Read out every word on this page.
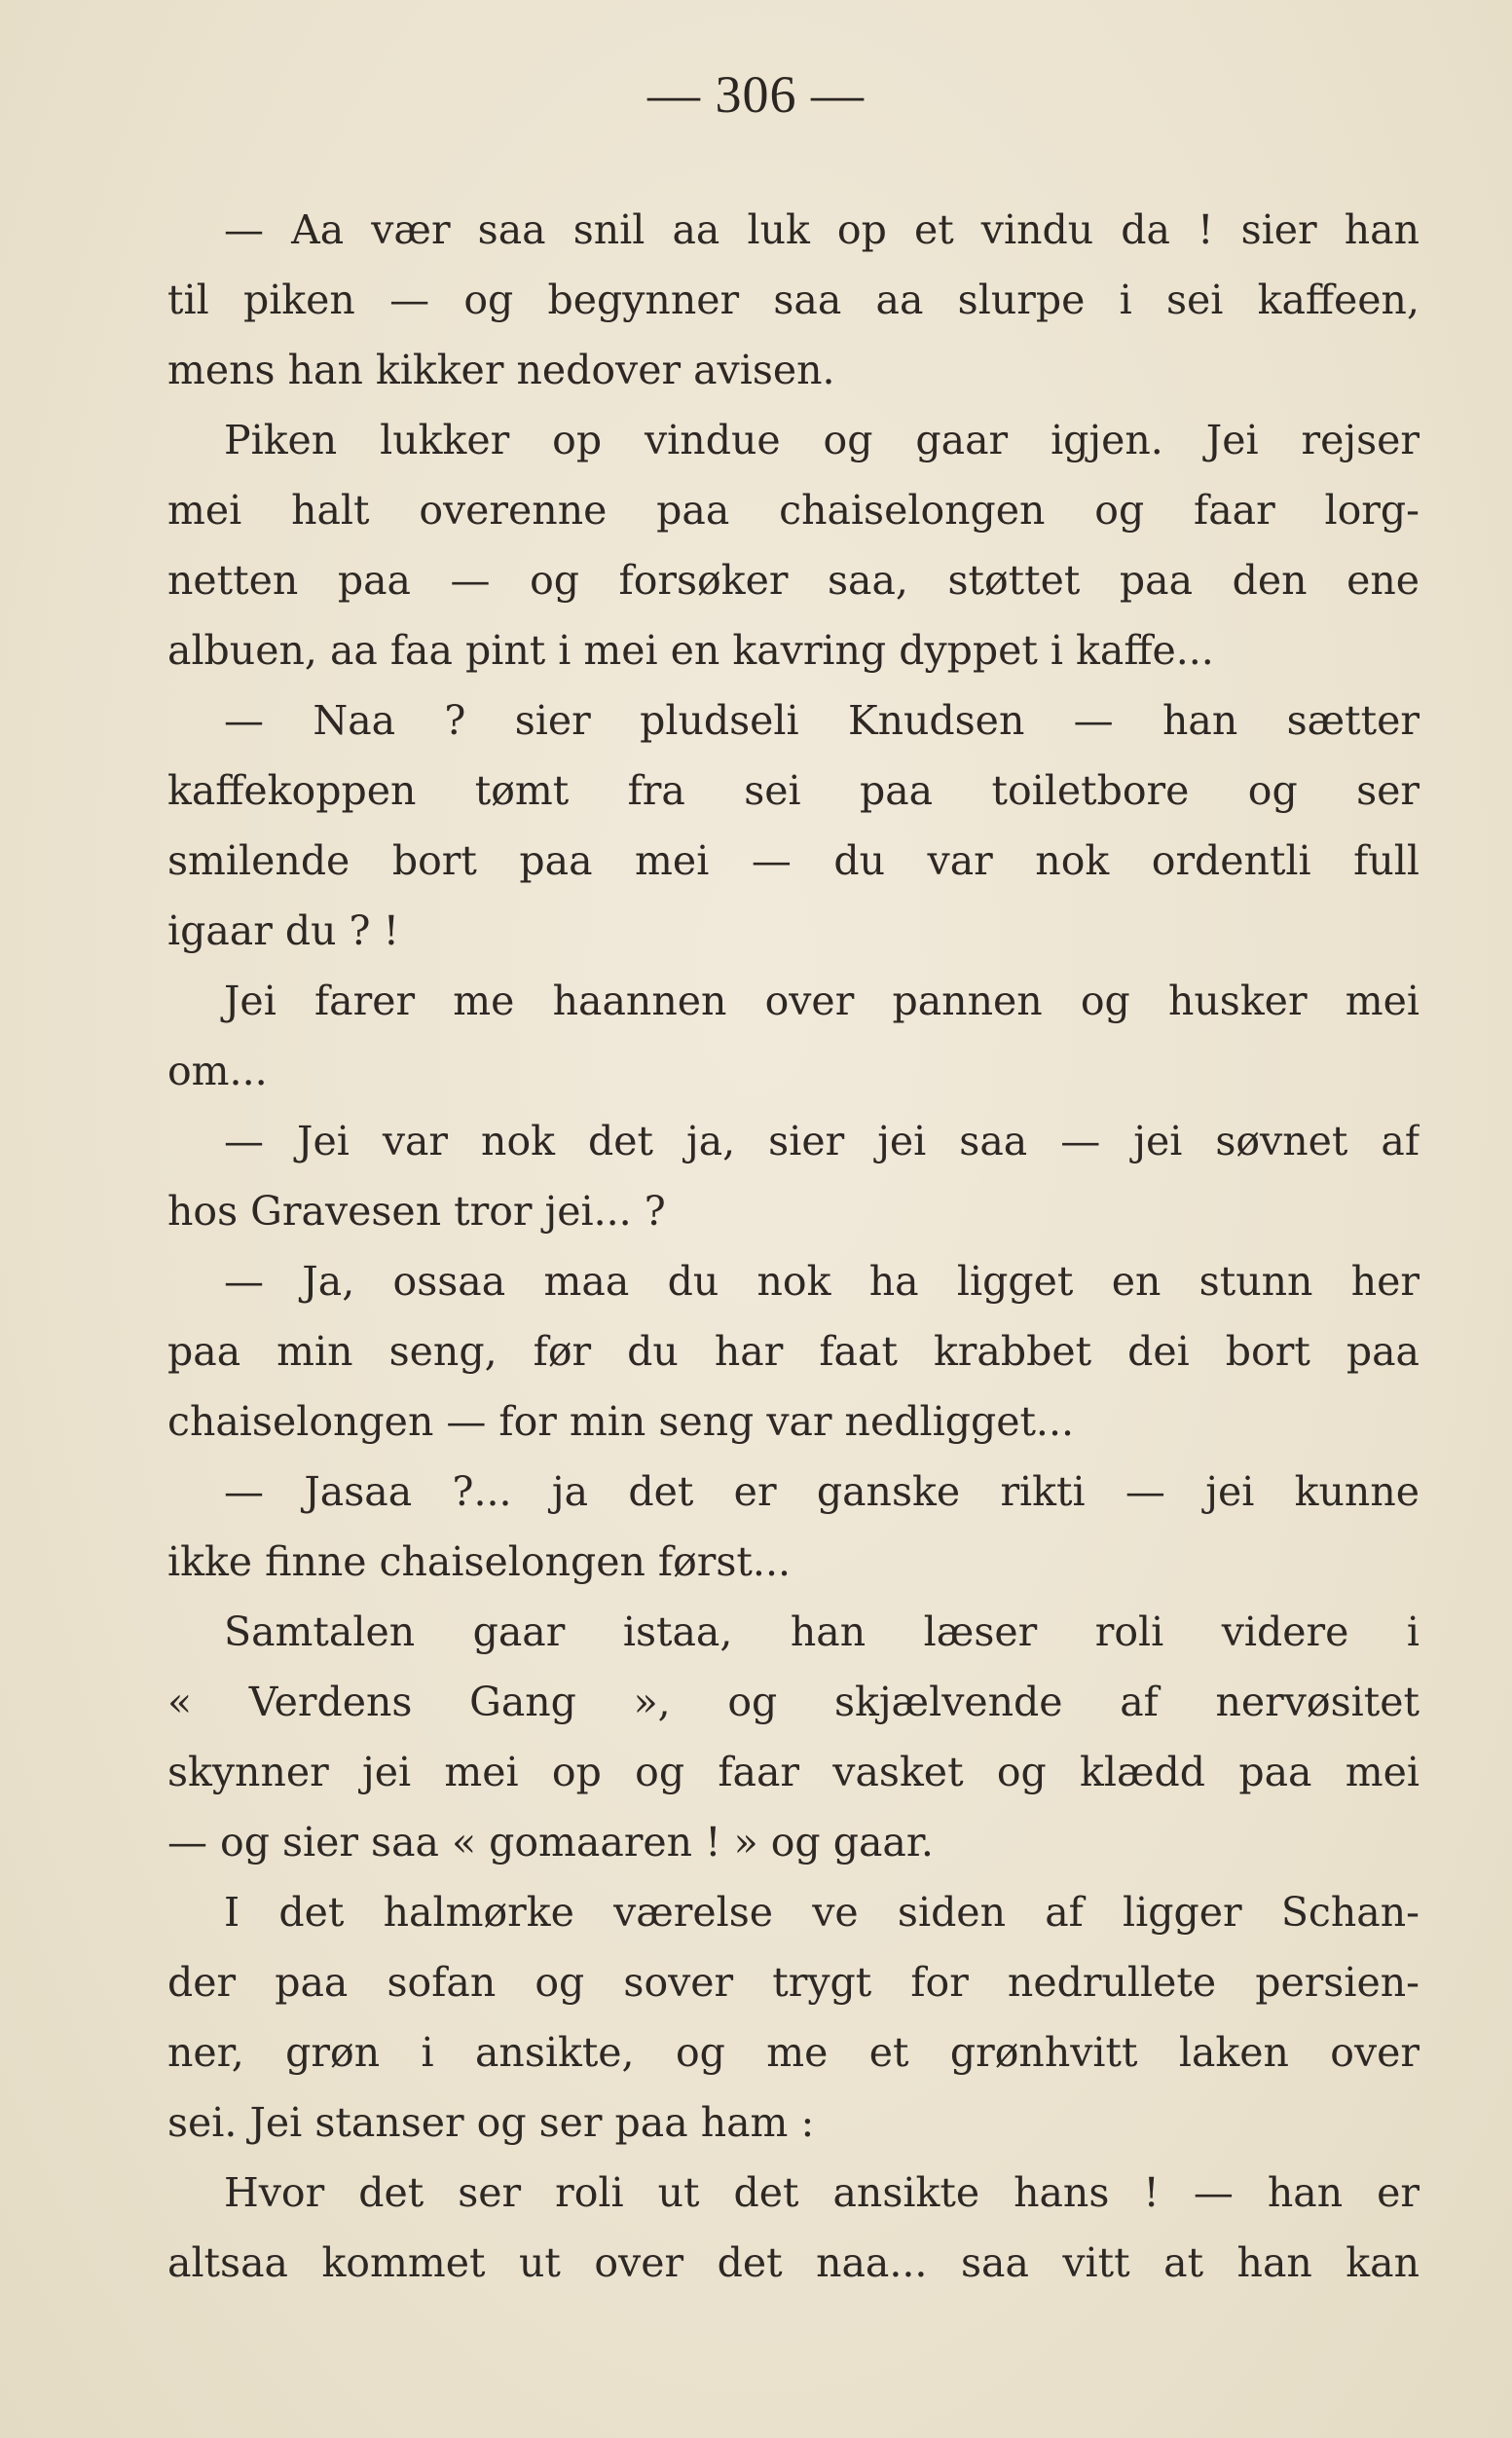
— 306 —
— Aa vær saa snil aa luk op et vindu da ! sier han
til piken — og begynner saa aa slurpe i sei kaffeen,
mens han kikker nedover avisen.
Piken lukker op vindue og gaar igjen. Jei rejser
mei halt overenne paa chaiselongen og faar lorg-
netten paa — og forsøker saa, støttet paa den ene
albuen, aa faa pint i mei en kavring dyppet i kaffe...
— Naa ? sier pludseli Knudsen — han sætter
kaffekoppen tømt fra sei paa toiletbore og ser
smilende bort paa mei — du var nok ordentli full
igaar du ? !
Jei farer me haannen over pannen og husker mei
om...
— Jei var nok det ja, sier jei saa — jei søvnet af
hos Gravesen tror jei... ?
— Ja, ossaa maa du nok ha ligget en stunn her
paa min seng, før du har faat krabbet dei bort paa
chaiselongen — for min seng var nedligget...
— Jasaa ?... ja det er ganske rikti — jei kunne
ikke finne chaiselongen først...
Samtalen gaar istaa, han læser roli videre i
« Verdens Gang », og skjælvende af nervøsitet
skynner jei mei op og faar vasket og klædd paa mei
— og sier saa « gomaaren ! » og gaar.
I det halmørke værelse ve siden af ligger Schan-
der paa sofan og sover trygt for nedrullete persien-
ner, grøn i ansikte, og me et grønhvitt laken over
sei. Jei stanser og ser paa ham :
Hvor det ser roli ut det ansikte hans ! — han er
altsaa kommet ut over det naa... saa vitt at han kan
